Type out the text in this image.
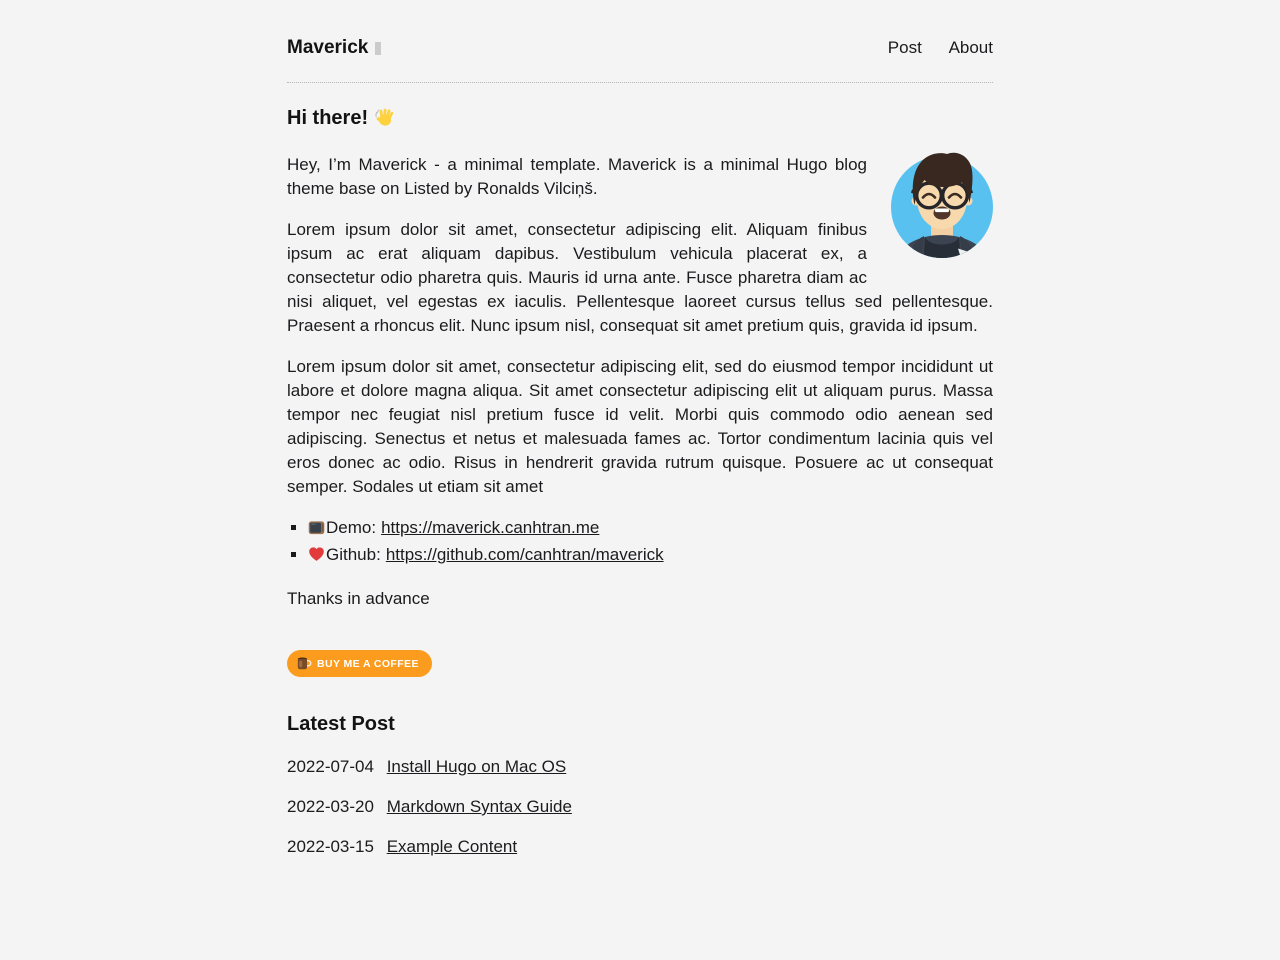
Maverick	Post About
Hi there!

Hey, I’m Maverick - a minimal template. Maverick is a minimal Hugo blog theme base on Listed by Ronalds Vilciņš.

Lorem ipsum dolor sit amet, consectetur adipiscing elit. Aliquam finibus ipsum ac erat aliquam dapibus. Vestibulum vehicula placerat ex, a consectetur odio pharetra quis. Mauris id urna ante. Fusce pharetra diam ac nisi aliquet, vel egestas ex iaculis. Pellentesque laoreet cursus tellus sed pellentesque. Praesent a rhoncus elit. Nunc ipsum nisl, consequat sit amet pretium quis, gravida id ipsum.

Lorem ipsum dolor sit amet, consectetur adipiscing elit, sed do eiusmod tempor incididunt ut labore et dolore magna aliqua. Sit amet consectetur adipiscing elit ut aliquam purus. Massa tempor nec feugiat nisl pretium fusce id velit. Morbi quis commodo odio aenean sed adipiscing. Senectus et netus et malesuada fames ac. Tortor condimentum lacinia quis vel eros donec ac odio. Risus in hendrerit gravida rutrum quisque. Posuere ac ut consequat semper. Sodales ut etiam sit amet

▪ Demo: https://maverick.canhtran.me
▪ Github: https://github.com/canhtran/maverick

Thanks in advance

BUY ME A COFFEE
Latest Post

2022-07-04 Install Hugo on Mac OS

2022-03-20 Markdown Syntax Guide

2022-03-15 Example Content
